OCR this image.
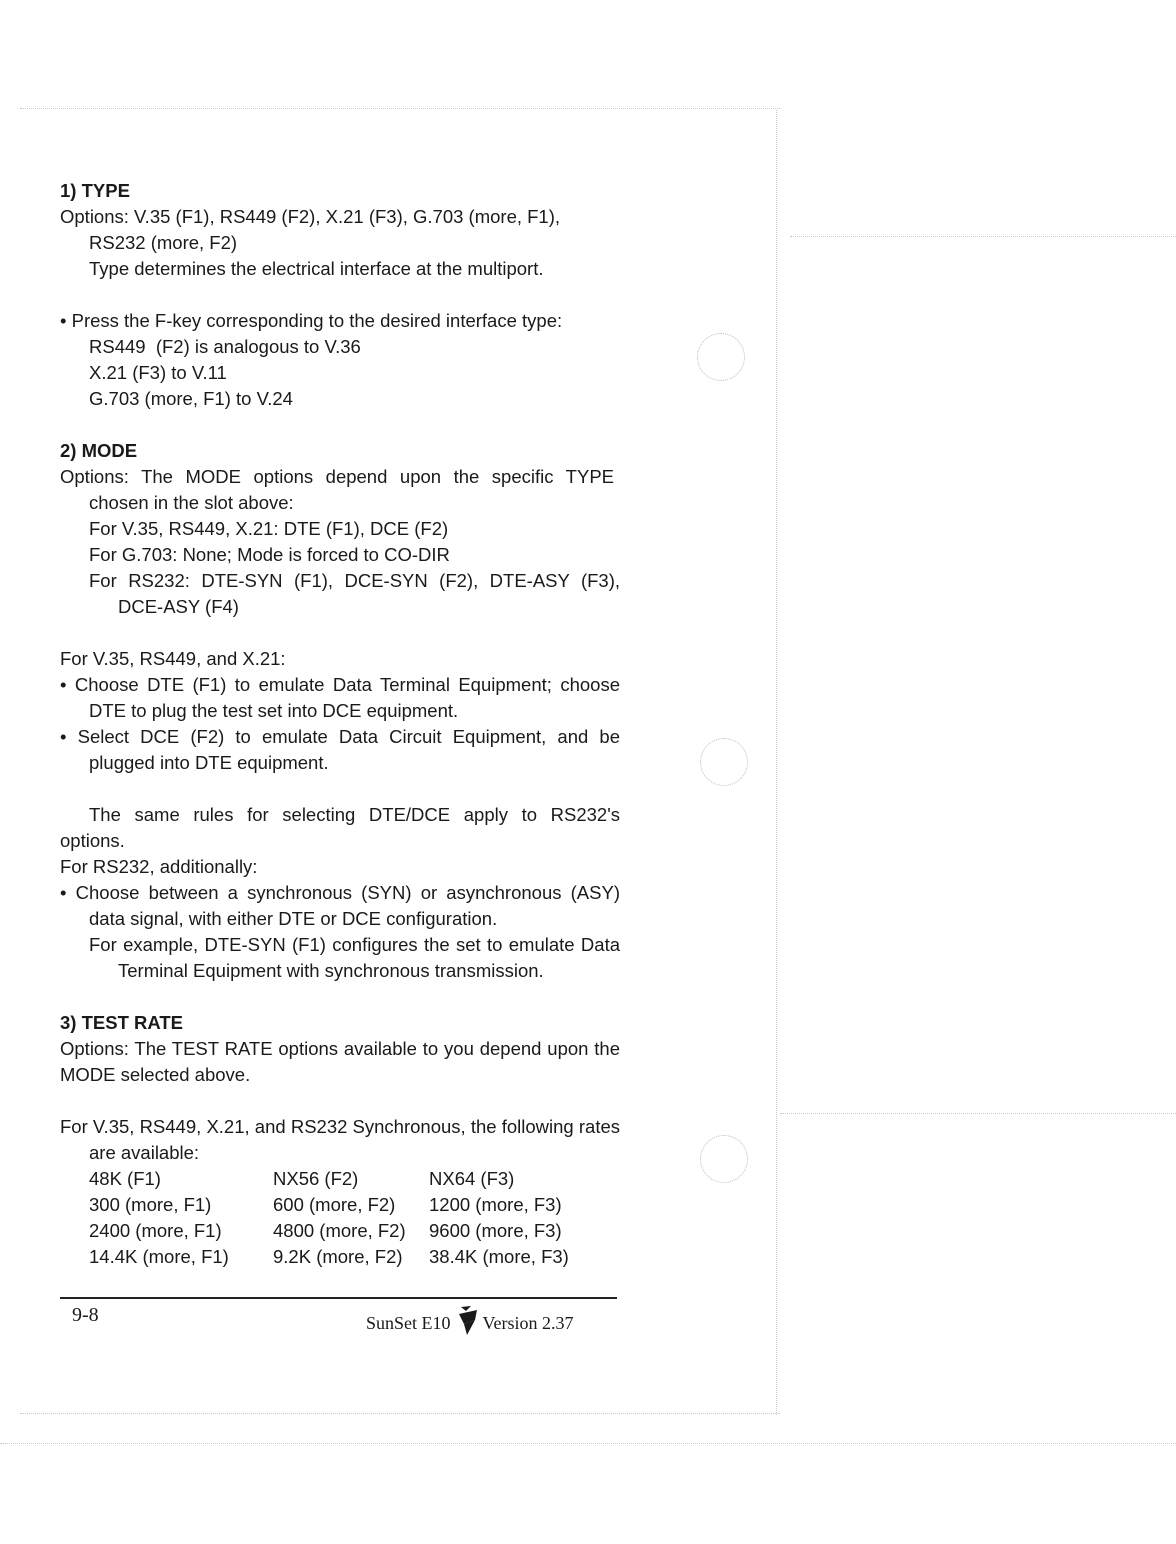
1) TYPE

Options: V.35 (F1), RS449 (F2), X.21 (F3), G.703 (more, F1),

RS232 (more, F2)

Type determines the electrical interface at the multiport.

• Press the F-key corresponding to the desired interface type:

RS449  (F2) is analogous to V.36

X.21 (F3) to V.11

G.703 (more, F1) to V.24

2) MODE

Options: The MODE options depend upon the specific TYPE chosen in the slot above:

For V.35, RS449, X.21: DTE (F1), DCE (F2)

For G.703: None; Mode is forced to CO-DIR

For RS232: DTE-SYN (F1), DCE-SYN (F2), DTE-ASY (F3), DCE-ASY (F4)

For V.35, RS449, and X.21:

• Choose DTE (F1) to emulate Data Terminal Equipment; choose DTE to plug the test set into DCE equipment.

• Select DCE (F2) to emulate Data Circuit Equipment, and be plugged into DTE equipment.

The same rules for selecting DTE/DCE apply to RS232's

options.

For RS232, additionally:

• Choose between a synchronous (SYN) or asynchronous (ASY) data signal, with either DTE or DCE configuration.

For example, DTE-SYN (F1) configures the set to emulate Data Terminal Equipment with synchronous transmission.

3) TEST RATE

Options: The TEST RATE options available to you depend upon the MODE selected above.

For V.35, RS449, X.21, and RS232 Synchronous, the following rates are available:

48K (F1)	NX56 (F2)	NX64 (F3)
300 (more, F1)	600 (more, F2)	1200 (more, F3)
2400 (more, F1)	4800 (more, F2)	9600 (more, F3)
14.4K (more, F1)	9.2K (more, F2)	38.4K (more, F3)
9-8	SunSet E10 Version 2.37
